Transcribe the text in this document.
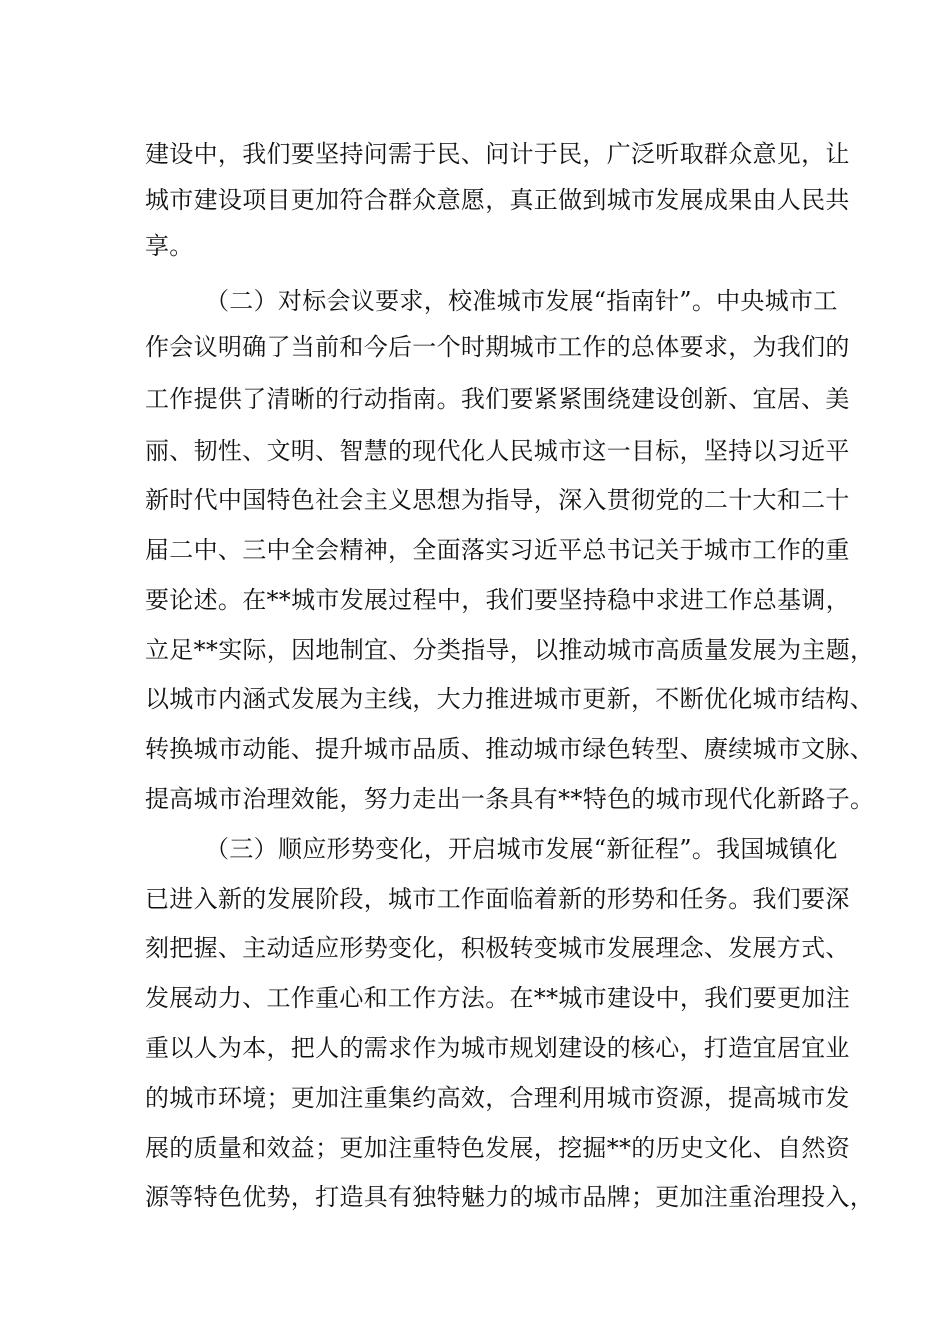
建设中，我们要坚持问需于民、问计于民，广泛听取群众意见，让
城市建设项目更加符合群众意愿，真正做到城市发展成果由人民共
享。
（二）对标会议要求，校准城市发展“指南针”。中央城市工
作会议明确了当前和今后一个时期城市工作的总体要求，为我们的
工作提供了清晰的行动指南。我们要紧紧围绕建设创新、宜居、美
丽、韧性、文明、智慧的现代化人民城市这一目标，坚持以习近平
新时代中国特色社会主义思想为指导，深入贯彻党的二十大和二十
届二中、三中全会精神，全面落实习近平总书记关于城市工作的重
要论述。在**城市发展过程中，我们要坚持稳中求进工作总基调，
立足**实际，因地制宜、分类指导，以推动城市高质量发展为主题，
以城市内涵式发展为主线，大力推进城市更新，不断优化城市结构、
转换城市动能、提升城市品质、推动城市绿色转型、赓续城市文脉、
提高城市治理效能，努力走出一条具有**特色的城市现代化新路子。
（三）顺应形势变化，开启城市发展“新征程”。我国城镇化
已进入新的发展阶段，城市工作面临着新的形势和任务。我们要深
刻把握、主动适应形势变化，积极转变城市发展理念、发展方式、
发展动力、工作重心和工作方法。在**城市建设中，我们要更加注
重以人为本，把人的需求作为城市规划建设的核心，打造宜居宜业
的城市环境；更加注重集约高效，合理利用城市资源，提高城市发
展的质量和效益；更加注重特色发展，挖掘**的历史文化、自然资
源等特色优势，打造具有独特魅力的城市品牌；更加注重治理投入，
